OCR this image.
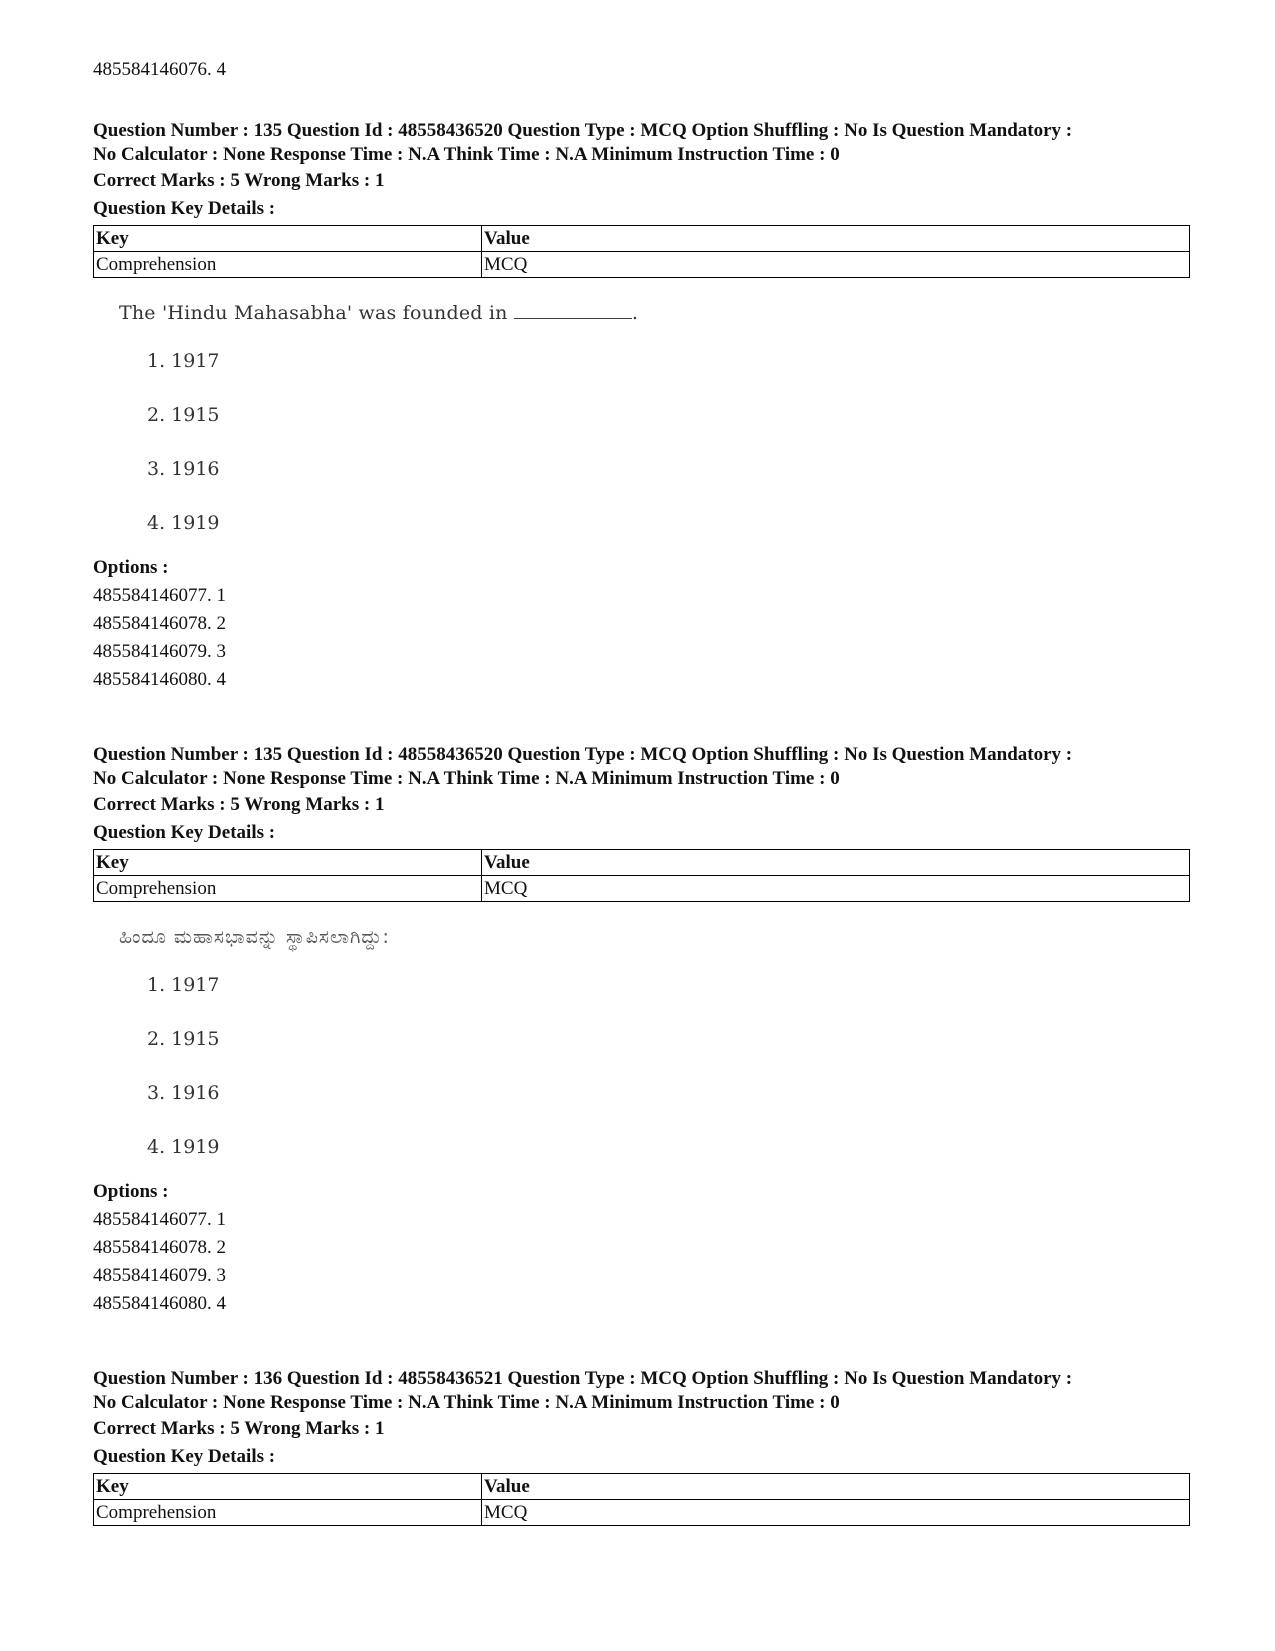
485584146076. 4
Question Number : 135 Question Id : 48558436520 Question Type : MCQ Option Shuffling : No Is Question Mandatory :
No Calculator : None Response Time : N.A Think Time : N.A Minimum Instruction Time : 0
Correct Marks : 5 Wrong Marks : 1
Question Key Details :
Key	Value
Comprehension	MCQ
The 'Hindu Mahasabha' was founded in	.
1. 1917
2. 1915
3. 1916
4. 1919
Options :
485584146077. 1
485584146078. 2
485584146079. 3
485584146080. 4
Question Number : 135 Question Id : 48558436520 Question Type : MCQ Option Shuffling : No Is Question Mandatory :
No Calculator : None Response Time : N.A Think Time : N.A Minimum Instruction Time : 0
Correct Marks : 5 Wrong Marks : 1
Question Key Details :
Key	Value
Comprehension	MCQ
ಹಿಂದೂ ಮಹಾಸಭಾವನ್ನು ಸ್ಥಾಪಿಸಲಾಗಿದ್ದು:
1. 1917
2. 1915
3. 1916
4. 1919
Options :
485584146077. 1
485584146078. 2
485584146079. 3
485584146080. 4
Question Number : 136 Question Id : 48558436521 Question Type : MCQ Option Shuffling : No Is Question Mandatory :
No Calculator : None Response Time : N.A Think Time : N.A Minimum Instruction Time : 0
Correct Marks : 5 Wrong Marks : 1
Question Key Details :
Key	Value
Comprehension	MCQ
